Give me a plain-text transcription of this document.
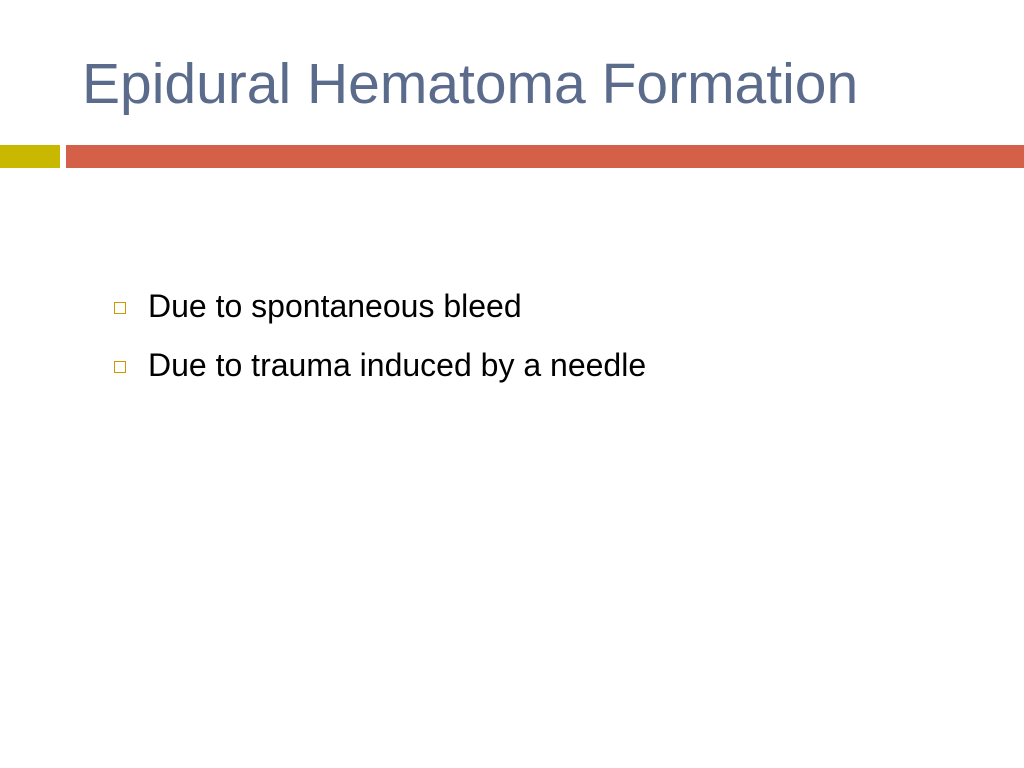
Epidural Hematoma Formation
Due to spontaneous bleed
Due to trauma induced by a needle
